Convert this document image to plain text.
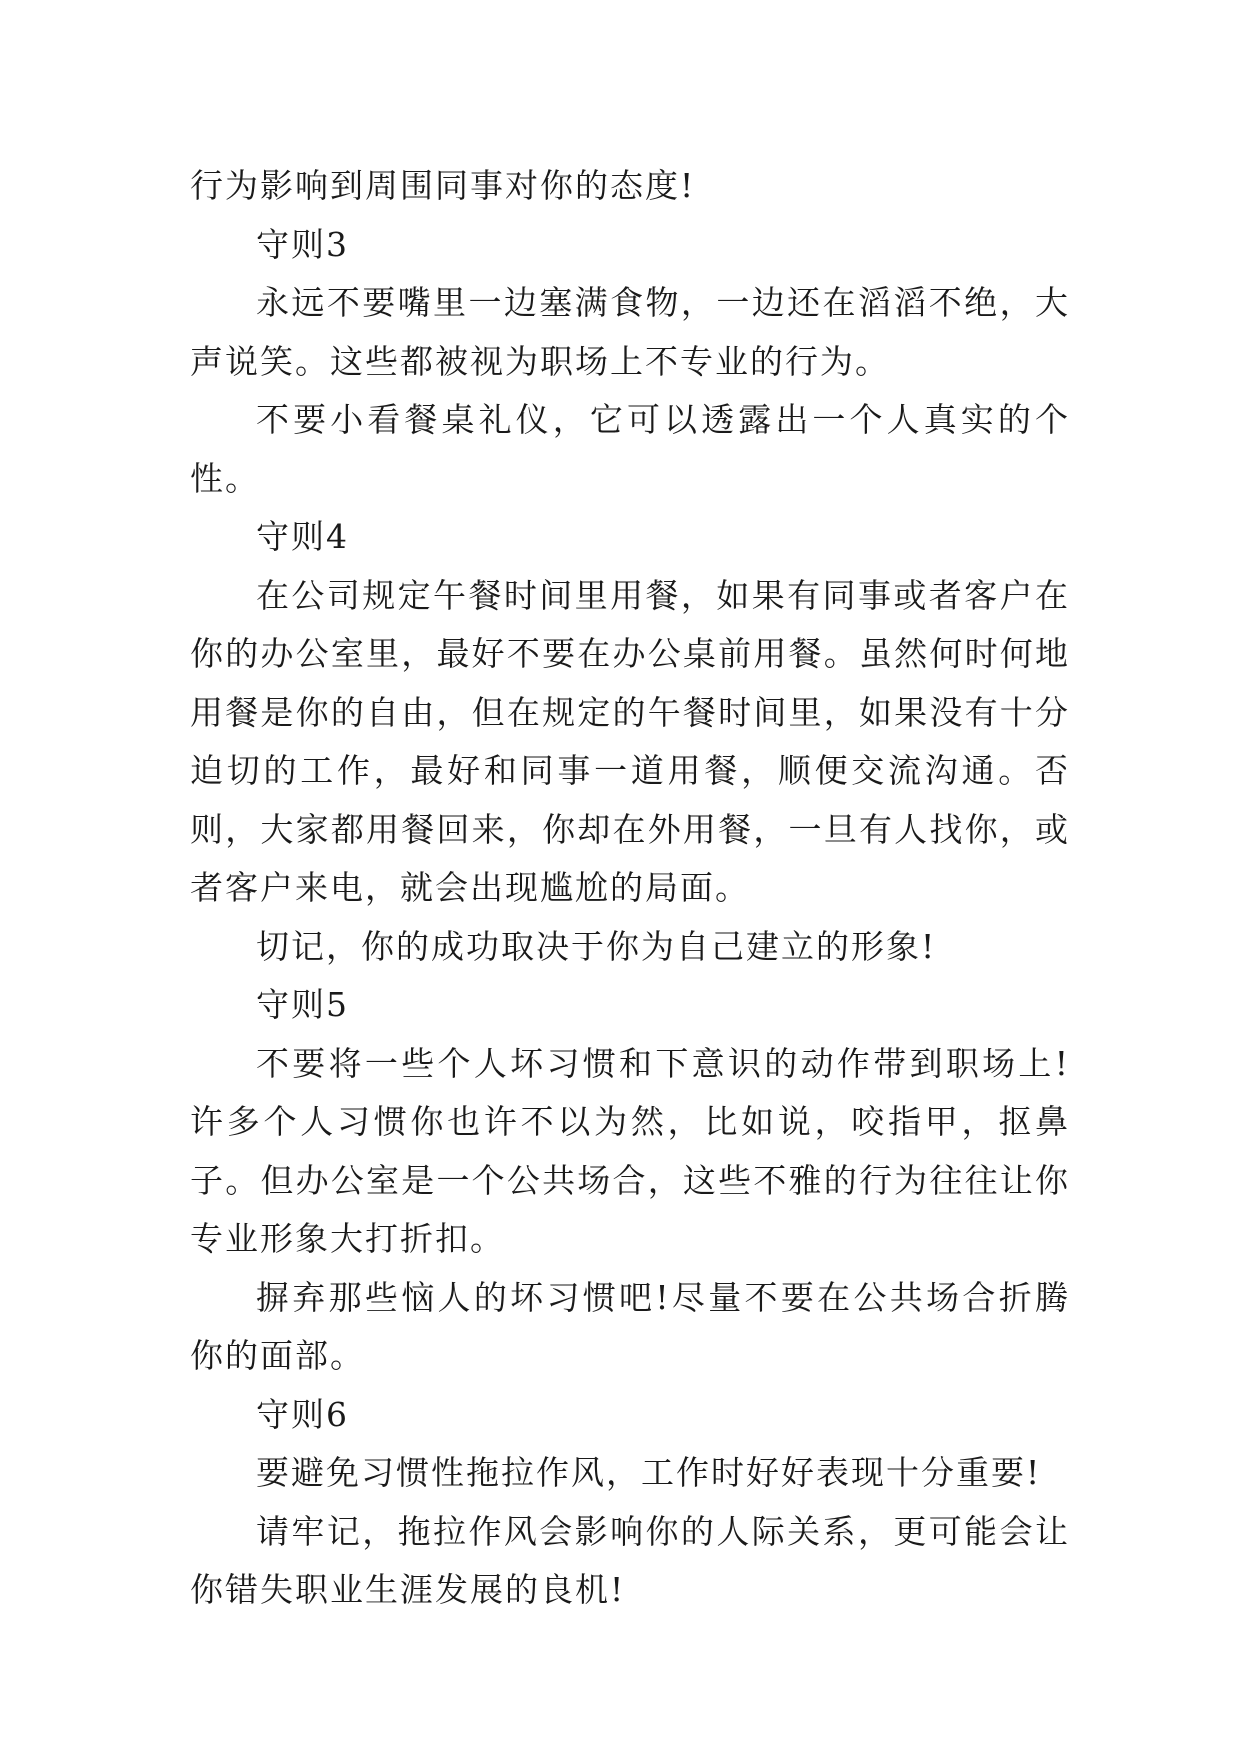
行为影响到周围同事对你的态度!

守则3

永远不要嘴里一边塞满食物，一边还在滔滔不绝，大声说笑。这些都被视为职场上不专业的行为。

不要小看餐桌礼仪，它可以透露出一个人真实的个性。

守则4

在公司规定午餐时间里用餐，如果有同事或者客户在你的办公室里，最好不要在办公桌前用餐。虽然何时何地用餐是你的自由，但在规定的午餐时间里，如果没有十分迫切的工作，最好和同事一道用餐，顺便交流沟通。否则，大家都用餐回来，你却在外用餐，一旦有人找你，或者客户来电，就会出现尴尬的局面。

切记，你的成功取决于你为自己建立的形象!

守则5

不要将一些个人坏习惯和下意识的动作带到职场上!许多个人习惯你也许不以为然，比如说，咬指甲，抠鼻子。但办公室是一个公共场合，这些不雅的行为往往让你专业形象大打折扣。

摒弃那些恼人的坏习惯吧!尽量不要在公共场合折腾你的面部。

守则6

要避免习惯性拖拉作风，工作时好好表现十分重要!

请牢记，拖拉作风会影响你的人际关系，更可能会让你错失职业生涯发展的良机!
